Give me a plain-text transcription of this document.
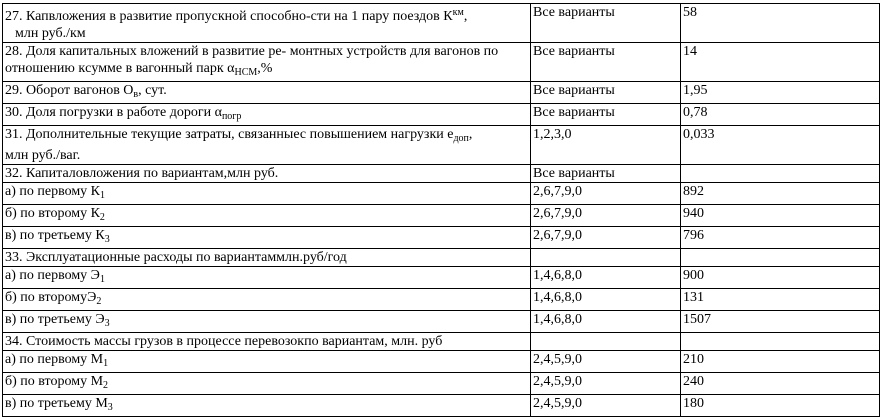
27. Капвложения в развитие пропускной способно-сти на 1 пару поездов $К^{км}$,
млн руб./км	Все варианты	58
28. Доля капитальных вложений в развитие ре- монтных устройств для вагонов по отношению кcумме в вагонный парк $\alpha_{НСМ},\%$	Все варианты	14
29. Оборот вагонов $О_в$, сут.	Все варианты	1,95
30. Доля погрузки в работе дороги $\alpha_{погр}$	Все варианты	0,78
31. Дополнительные текущие затраты, связанныес повышением нагрузки $е_{доп}$,
млн руб./ваг.	1,2,3,0	0,033
32. Капиталовложения по вариантам,млн руб.	Все варианты	
а) по первому $К_1$	2,6,7,9,0	892
б) по второму $К_2$	2,6,7,9,0	940
в) по третьему $К_3$	2,6,7,9,0	796
33. Эксплуатационные расходы по вариантаммлн.руб/год		
а) по первому $Э_1$	1,4,6,8,0	900
б) по второмуЭ$_2$	1,4,6,8,0	131
в) по третьему $Э_3$	1,4,6,8,0	1507
34. Стоимость массы грузов в процессе перевозокпо вариантам, млн. руб		
а) по первому $М_1$	2,4,5,9,0	210
б) по второму $М_2$	2,4,5,9,0	240
в) по третьему $М_3$	2,4,5,9,0	180
